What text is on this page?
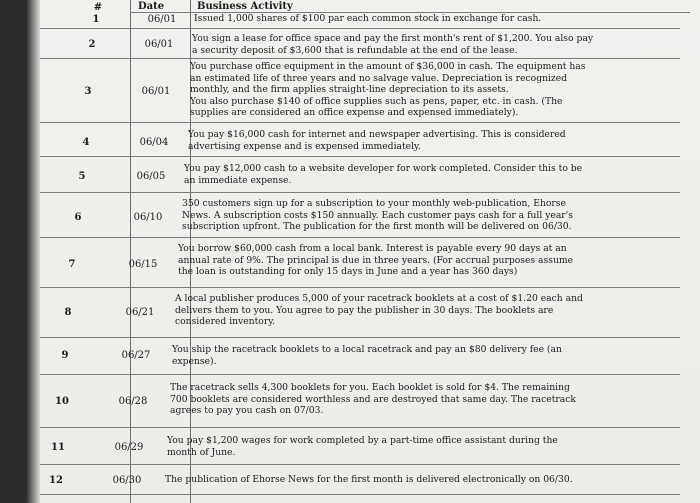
#	Date	Business Activity
1	06/01	Issued 1,000 shares of $100 par each common stock in exchange for cash.
2	06/01
You sign a lease for office space and pay the first month's rent of $1,200. You also pay
a security deposit of $3,600 that is refundable at the end of the lease.
3	06/01
You purchase office equipment in the amount of $36,000 in cash. The equipment has
an estimated life of three years and no salvage value. Depreciation is recognized
monthly, and the firm applies straight-line depreciation to its assets.
You also purchase $140 of office supplies such as pens, paper, etc. in cash. (The
supplies are considered an office expense and expensed immediately).
4	06/04
You pay $16,000 cash for internet and newspaper advertising. This is considered
advertising expense and is expensed immediately.
5	06/05
You pay $12,000 cash to a website developer for work completed. Consider this to be
an immediate expense.
6	06/10
350 customers sign up for a subscription to your monthly web-publication, Ehorse
News. A subscription costs $150 annually. Each customer pays cash for a full year's
subscription upfront. The publication for the first month will be delivered on 06/30.
7	06/15
You borrow $60,000 cash from a local bank. Interest is payable every 90 days at an
annual rate of 9%. The principal is due in three years. (For accrual purposes assume
the loan is outstanding for only 15 days in June and a year has 360 days)
8	06/21
A local publisher produces 5,000 of your racetrack booklets at a cost of $1.20 each and
delivers them to you. You agree to pay the publisher in 30 days. The booklets are
considered inventory.
9	06/27
You ship the racetrack booklets to a local racetrack and pay an $80 delivery fee (an
expense).
10	06/28
The racetrack sells 4,300 booklets for you. Each booklet is sold for $4. The remaining
700 booklets are considered worthless and are destroyed that same day. The racetrack
agrees to pay you cash on 07/03.
11	06/29
You pay $1,200 wages for work completed by a part-time office assistant during the
month of June.
12	06/30	The publication of Ehorse News for the first month is delivered electronically on 06/30.
